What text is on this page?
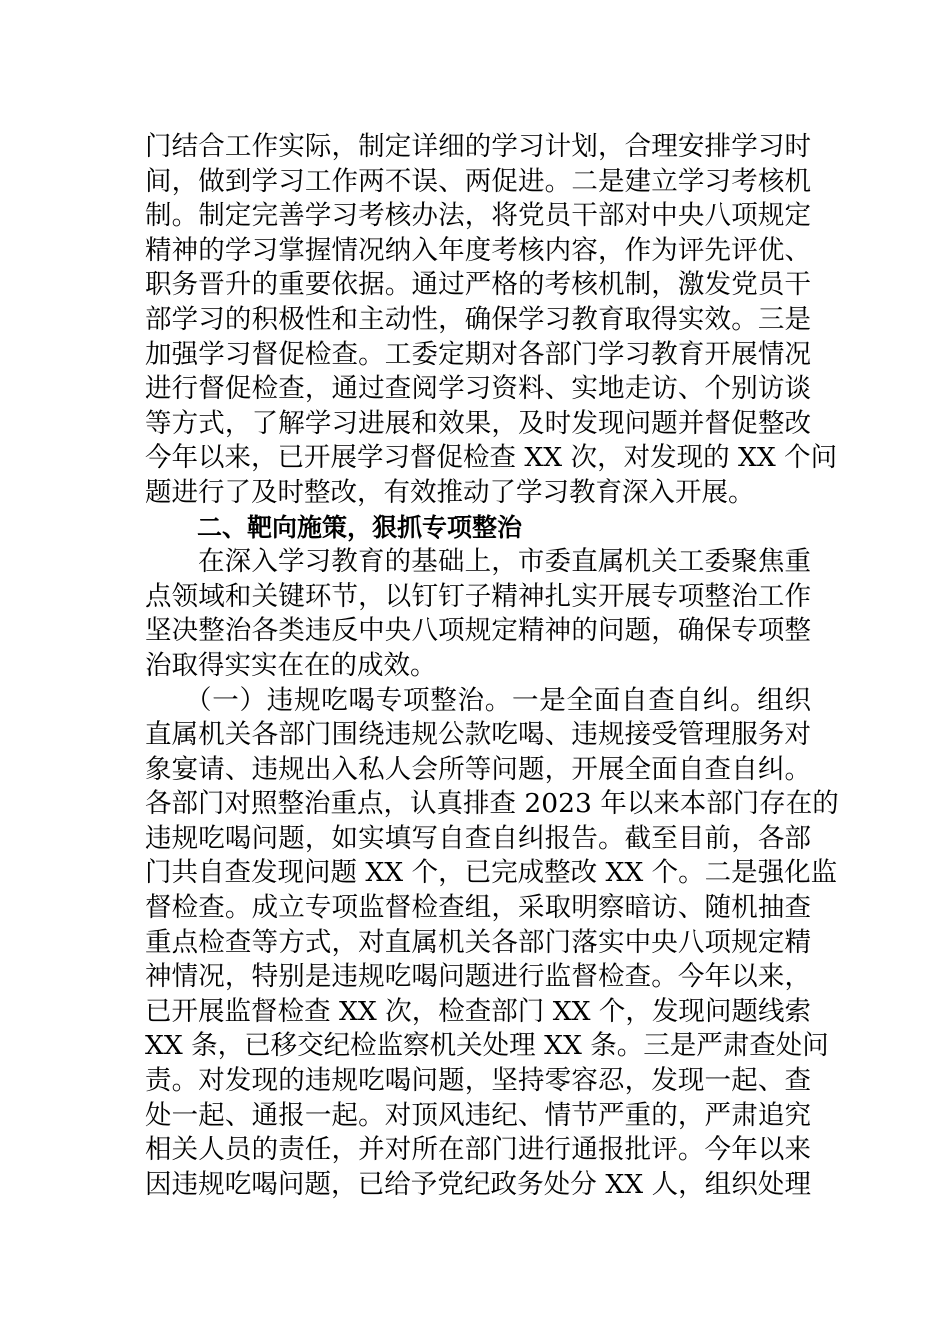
门结合工作实际，制定详细的学习计划，合理安排学习时
间，做到学习工作两不误、两促进。二是建立学习考核机
制。制定完善学习考核办法，将党员干部对中央八项规定
精神的学习掌握情况纳入年度考核内容，作为评先评优、
职务晋升的重要依据。通过严格的考核机制，激发党员干
部学习的积极性和主动性，确保学习教育取得实效。三是
加强学习督促检查。工委定期对各部门学习教育开展情况
进行督促检查，通过查阅学习资料、实地走访、个别访谈
等方式，了解学习进展和效果，及时发现问题并督促整改
今年以来，已开展学习督促检查 XX 次，对发现的 XX 个问
题进行了及时整改，有效推动了学习教育深入开展。
二、靶向施策，狠抓专项整治
在深入学习教育的基础上，市委直属机关工委聚焦重
点领域和关键环节，以钉钉子精神扎实开展专项整治工作
坚决整治各类违反中央八项规定精神的问题，确保专项整
治取得实实在在的成效。
（一）违规吃喝专项整治。一是全面自查自纠。组织
直属机关各部门围绕违规公款吃喝、违规接受管理服务对
象宴请、违规出入私人会所等问题，开展全面自查自纠。
各部门对照整治重点，认真排查 2023 年以来本部门存在的
违规吃喝问题，如实填写自查自纠报告。截至目前，各部
门共自查发现问题 XX 个，已完成整改 XX 个。二是强化监
督检查。成立专项监督检查组，采取明察暗访、随机抽查
重点检查等方式，对直属机关各部门落实中央八项规定精
神情况，特别是违规吃喝问题进行监督检查。今年以来，
已开展监督检查 XX 次，检查部门 XX 个，发现问题线索
XX 条，已移交纪检监察机关处理 XX 条。三是严肃查处问
责。对发现的违规吃喝问题，坚持零容忍，发现一起、查
处一起、通报一起。对顶风违纪、情节严重的，严肃追究
相关人员的责任，并对所在部门进行通报批评。今年以来
因违规吃喝问题，已给予党纪政务处分 XX 人，组织处理
